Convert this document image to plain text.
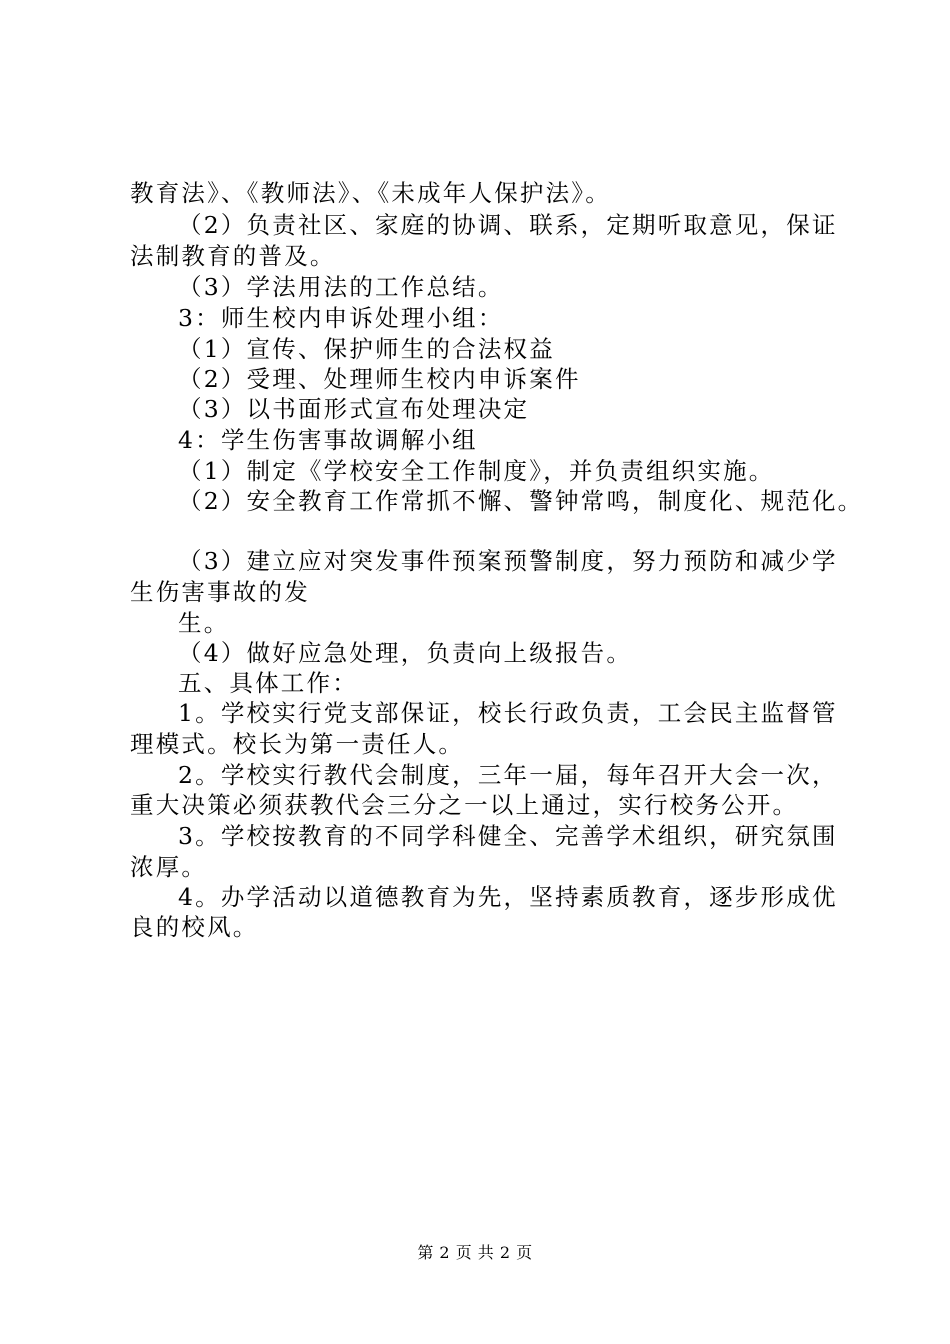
教育法》、《教师法》、《未成年人保护法》。
（2）负责社区、家庭的协调、联系，定期听取意见，保证
法制教育的普及。
（3）学法用法的工作总结。
3：师生校内申诉处理小组：
（1）宣传、保护师生的合法权益
（2）受理、处理师生校内申诉案件
（3）以书面形式宣布处理决定
4：学生伤害事故调解小组
（1）制定《学校安全工作制度》，并负责组织实施。
（2）安全教育工作常抓不懈、警钟常鸣，制度化、规范化。
（3）建立应对突发事件预案预警制度，努力预防和减少学
生伤害事故的发
生。
（4）做好应急处理，负责向上级报告。
五、具体工作：
1。学校实行党支部保证，校长行政负责，工会民主监督管
理模式。校长为第一责任人。
2。学校实行教代会制度，三年一届，每年召开大会一次，
重大决策必须获教代会三分之一以上通过，实行校务公开。
3。学校按教育的不同学科健全、完善学术组织，研究氛围
浓厚。
4。办学活动以道德教育为先，坚持素质教育，逐步形成优
良的校风。
第 2 页 共 2 页
